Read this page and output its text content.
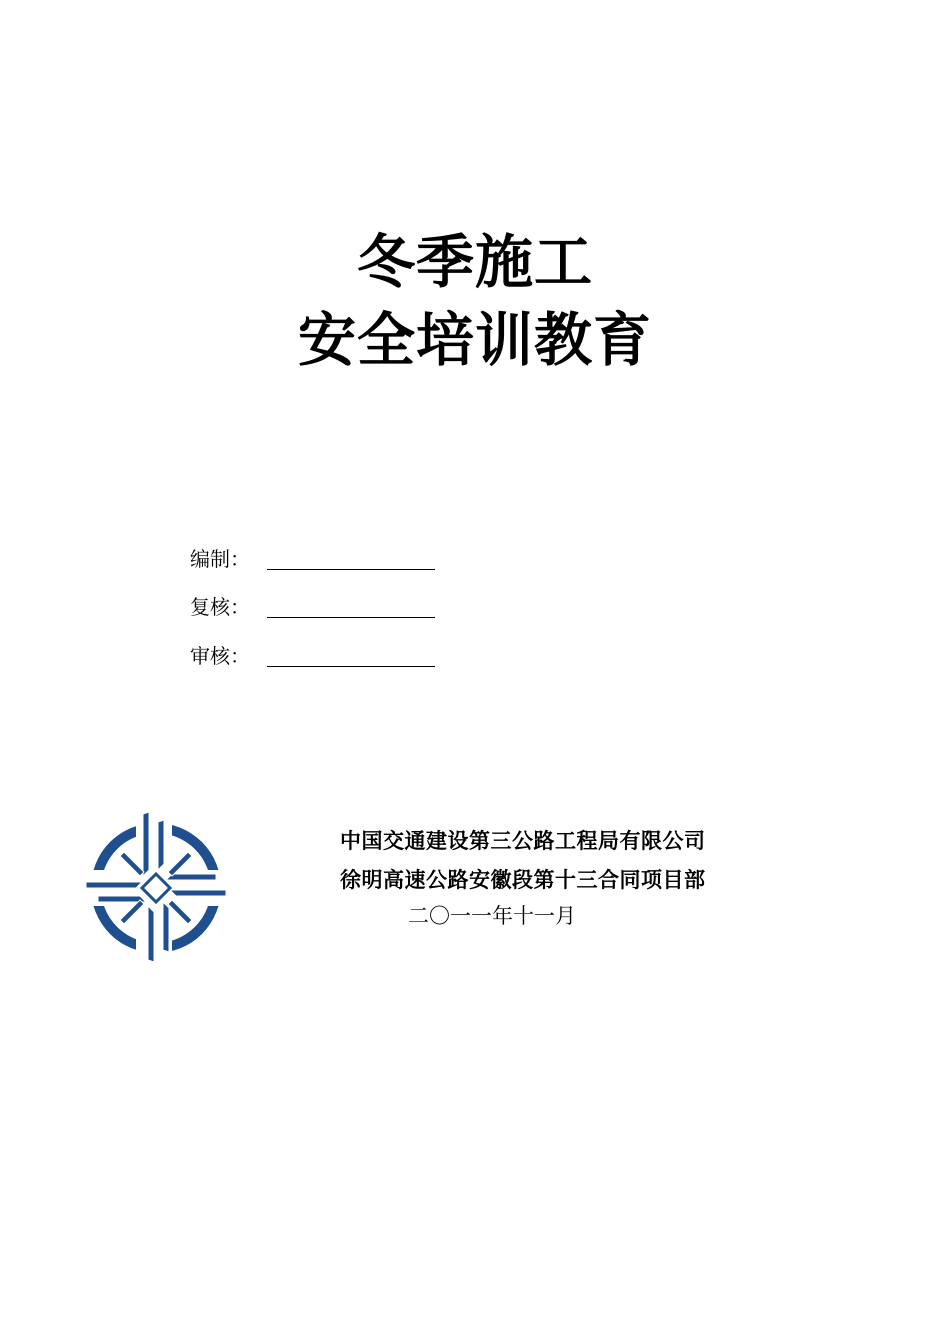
冬季施工
安全培训教育
编制：
复核：
审核：
中国交通建设第三公路工程局有限公司
徐明高速公路安徽段第十三合同项目部
二〇一一年十一月
